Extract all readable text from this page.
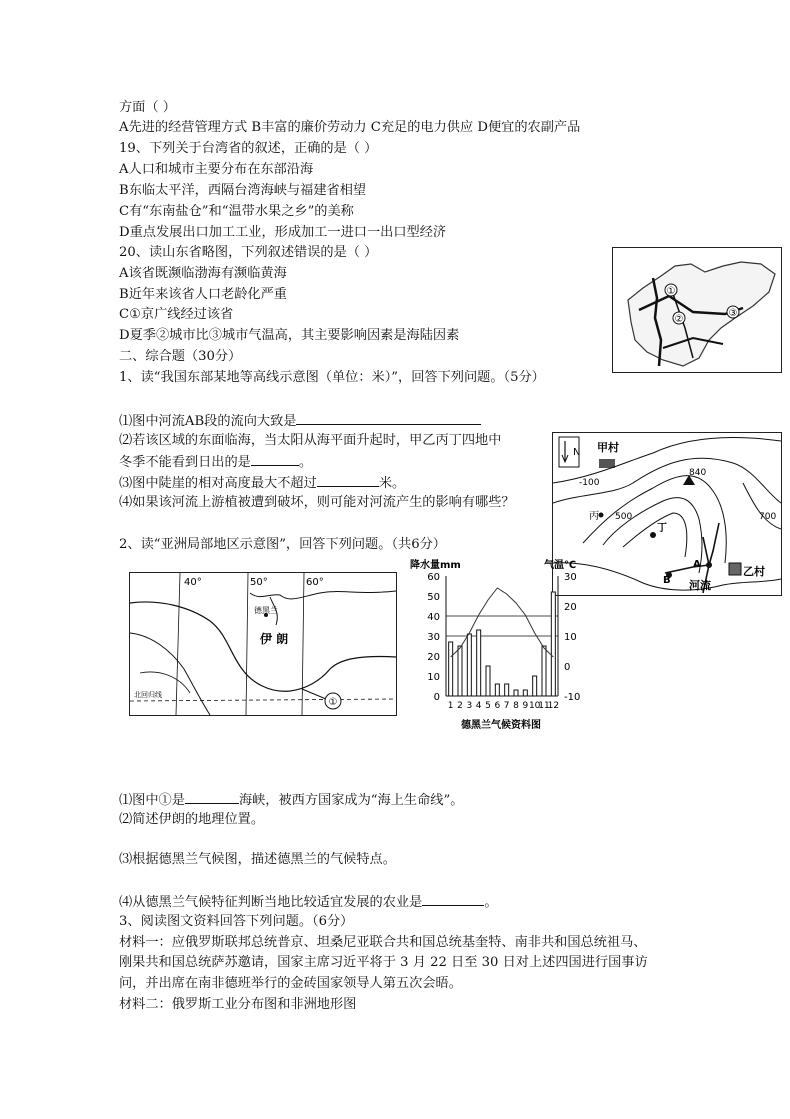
方面（ ）
A先进的经营管理方式 B丰富的廉价劳动力 C充足的电力供应 D便宜的农副产品
19、下列关于台湾省的叙述，正确的是（ ）
A人口和城市主要分布在东部沿海
B东临太平洋，西隔台湾海峡与福建省相望
C有“东南盐仓”和“温带水果之乡”的美称
D重点发展出口加工工业，形成加工一进口一出口型经济
20、读山东省略图，下列叙述错误的是（ ）
A该省既濒临渤海有濒临黄海
B近年来该省人口老龄化严重
C①京广线经过该省
D夏季②城市比③城市气温高，其主要影响因素是海陆因素
二、综合题（30分）
1、读“我国东部某地等高线示意图（单位：米）”，回答下列问题。（5分）
⑴图中河流AB段的流向大致是
⑵若该区域的东面临海，当太阳从海平面升起时，甲乙丙丁四地中
冬季不能看到日出的是	。
⑶图中陡崖的相对高度最大不超过	米。
⑷如果该河流上游植被遭到破坏，则可能对河流产生的影响有哪些？
2、读“亚洲局部地区示意图”，回答下列问题。（共6分）
⑴图中①是	海峡，被西方国家成为“海上生命线”。
⑵简述伊朗的地理位置。
⑶根据德黑兰气候图，描述德黑兰的气候特点。
⑷从德黑兰气候特征判断当地比较适宜发展的农业是	。
3、阅读图文资料回答下列问题。（6分）
材料一：应俄罗斯联邦总统普京、坦桑尼亚联合共和国总统基奎特、南非共和国总统祖马、
刚果共和国总统萨苏邀请，国家主席习近平将于 3 月 22 日至 30 日对上述四国进行国事访
问，并出席在南非德班举行的金砖国家领导人第五次会晤。
材料二：俄罗斯工业分布图和非洲地形图
①
②
③
N 甲村
-100
500	700
840
丙
丁
A
B 河流
乙村
40°	50°	60°
北回归线
德黑兰
伊 朗
①
降水量mm	气温℃
0
10
20
30
40
50
60
-10
0
10
20
30
1 2 3 4 5 6 7 8 9 10
11
12
德黑兰气候资料图
